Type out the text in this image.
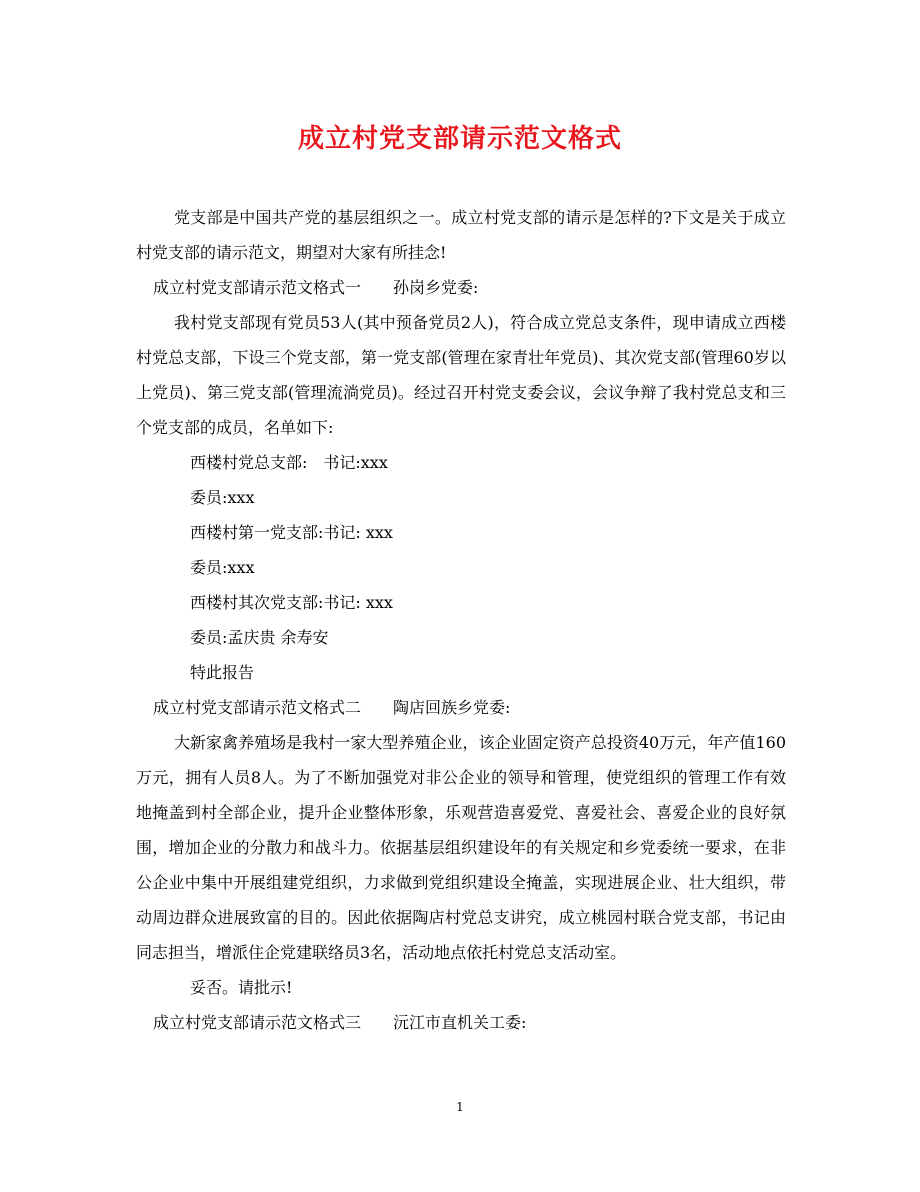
成立村党支部请示范文格式

党支部是中国共产党的基层组织之一。成立村党支部的请示是怎样的?下文是关于成立村党支部的请示范文，期望对大家有所挂念!

成立村党支部请示范文格式一　　孙岗乡党委:

我村党支部现有党员53人(其中预备党员2人)，符合成立党总支条件，现申请成立西楼村党总支部，下设三个党支部，第一党支部(管理在家青壮年党员)、其次党支部(管理60岁以上党员)、第三党支部(管理流淌党员)。经过召开村党支委会议，会议争辩了我村党总支和三个党支部的成员，名单如下:

西楼村党总支部:　书记:xxx

委员:xxx

西楼村第一党支部:书记: xxx

委员:xxx

西楼村其次党支部:书记: xxx

委员:孟庆贵 余寿安

特此报告

成立村党支部请示范文格式二　　陶店回族乡党委:

大新家禽养殖场是我村一家大型养殖企业，该企业固定资产总投资40万元，年产值160万元，拥有人员8人。为了不断加强党对非公企业的领导和管理，使党组织的管理工作有效地掩盖到村全部企业，提升企业整体形象，乐观营造喜爱党、喜爱社会、喜爱企业的良好氛围，增加企业的分散力和战斗力。依据基层组织建设年的有关规定和乡党委统一要求，在非公企业中集中开展组建党组织，力求做到党组织建设全掩盖，实现进展企业、壮大组织，带动周边群众进展致富的目的。因此依据陶店村党总支讲究，成立桃园村联合党支部，书记由　同志担当，增派住企党建联络员3名，活动地点依托村党总支活动室。

妥否。请批示!

成立村党支部请示范文格式三　　沅江市直机关工委:

1
